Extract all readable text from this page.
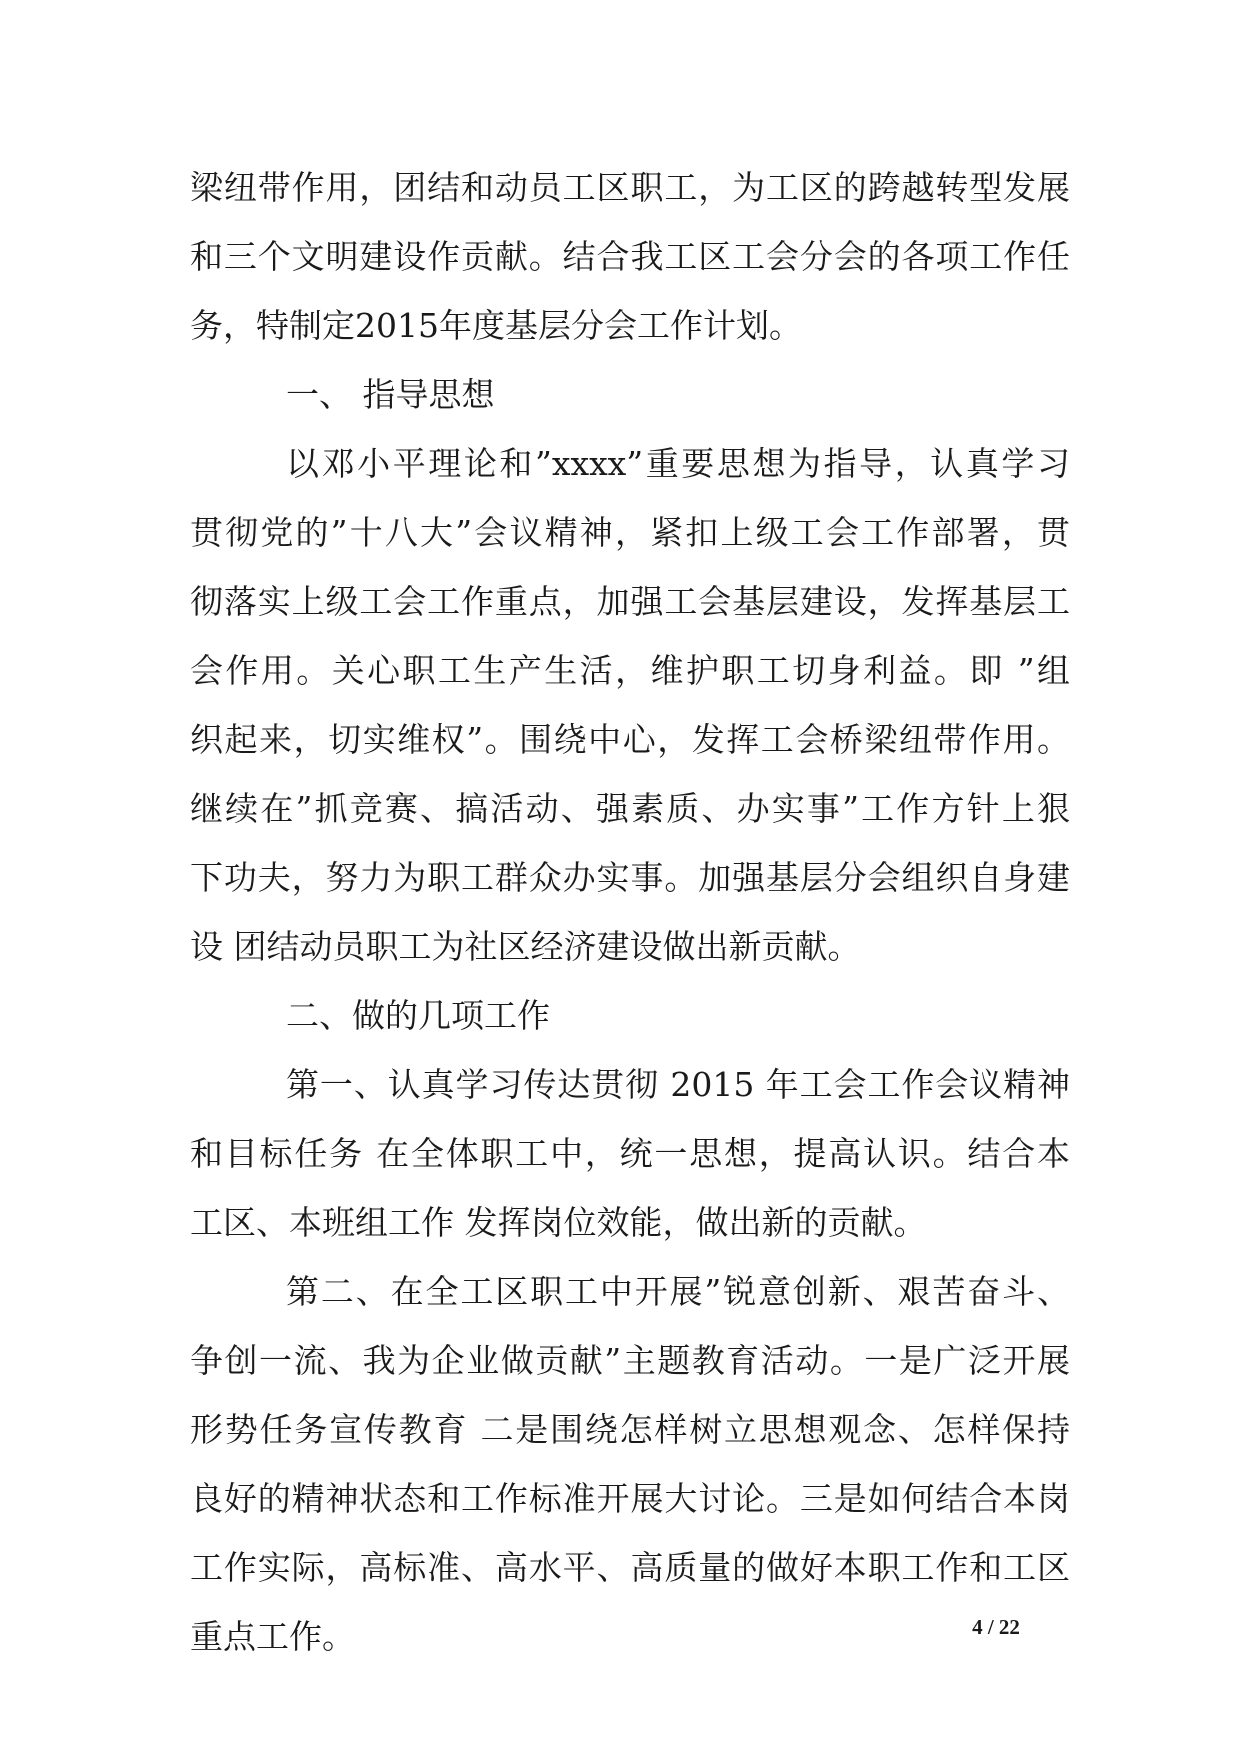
梁纽带作用，团结和动员工区职工，为工区的跨越转型发展
和三个文明建设作贡献。结合我工区工会分会的各项工作任
务，特制定2015年度基层分会工作计划。
一、 指导思想
以邓小平理论和”xxxx”重要思想为指导，认真学习
贯彻党的”十八大”会议精神，紧扣上级工会工作部署，贯
彻落实上级工会工作重点，加强工会基层建设，发挥基层工
会作用。关心职工生产生活，维护职工切身利益。即 ”组
织起来，切实维权”。围绕中心，发挥工会桥梁纽带作用。
继续在”抓竞赛、搞活动、强素质、办实事”工作方针上狠
下功夫，努力为职工群众办实事。加强基层分会组织自身建
设 团结动员职工为社区经济建设做出新贡献。
二、做的几项工作
第一、认真学习传达贯彻 2015 年工会工作会议精神
和目标任务 在全体职工中，统一思想，提高认识。结合本
工区、本班组工作 发挥岗位效能，做出新的贡献。
第二、在全工区职工中开展”锐意创新、艰苦奋斗、
争创一流、我为企业做贡献”主题教育活动。一是广泛开展
形势任务宣传教育 二是围绕怎样树立思想观念、怎样保持
良好的精神状态和工作标准开展大讨论。三是如何结合本岗
工作实际，高标准、高水平、高质量的做好本职工作和工区
重点工作。	4 / 22
